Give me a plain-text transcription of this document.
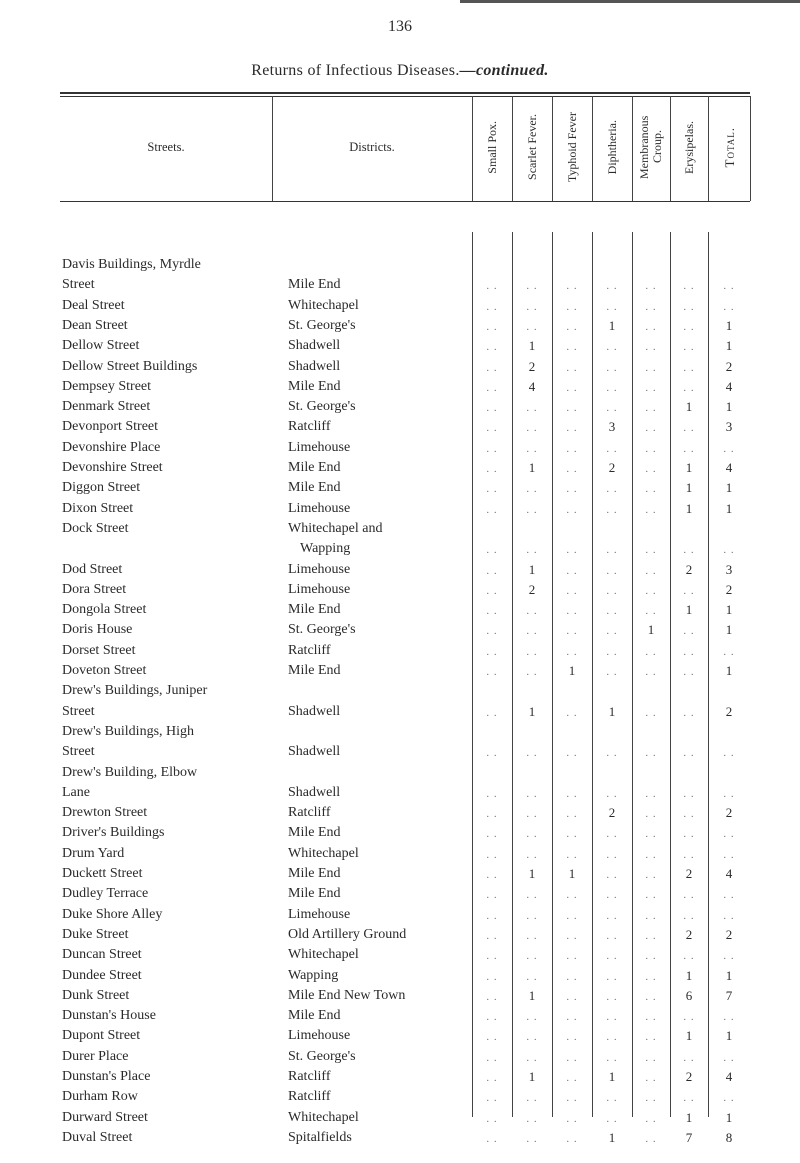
136
Returns of Infectious Diseases.—continued.
Streets.	Districts.	Small Pox. Scarlet Fever. Typhoid Fever Diphtheria. Membranous Croup. Erysipelas. Total.
Davis Buildings, Myrdle
Street	Mile End	. .	. .	. .	. .	. .	. .	. .
Deal Street	Whitechapel	. .	. .	. .	. .	. .	. .	. .
Dean Street	St. George's	. .	. .	. .	1	. .	. .	1
Dellow Street	Shadwell	. .	1	. .	. .	. .	. .	1
Dellow Street Buildings	Shadwell	. .	2	. .	. .	. .	. .	2
Dempsey Street	Mile End	. .	4	. .	. .	. .	. .	4
Denmark Street	St. George's	. .	. .	. .	. .	. .	1	1
Devonport Street	Ratcliff	. .	. .	. .	3	. .	. .	3
Devonshire Place	Limehouse	. .	. .	. .	. .	. .	. .	. .
Devonshire Street	Mile End	. .	1	. .	2	. .	1	4
Diggon Street	Mile End	. .	. .	. .	. .	. .	1	1
Dixon Street	Limehouse	. .	. .	. .	. .	. .	1	1
Dock Street	Whitechapel and
Wapping	. .	. .	. .	. .	. .	. .	. .
Dod Street	Limehouse	. .	1	. .	. .	. .	2	3
Dora Street	Limehouse	. .	2	. .	. .	. .	. .	2
Dongola Street	Mile End	. .	. .	. .	. .	. .	1	1
Doris House	St. George's	. .	. .	. .	. .	1	. .	1
Dorset Street	Ratcliff	. .	. .	. .	. .	. .	. .	. .
Doveton Street	Mile End	. .	. .	1	. .	. .	. .	1
Drew's Buildings, Juniper
Street	Shadwell	. .	1	. .	1	. .	. .	2
Drew's Buildings, High
Street	Shadwell	. .	. .	. .	. .	. .	. .	. .
Drew's Building, Elbow
Lane	Shadwell	. .	. .	. .	. .	. .	. .	. .
Drewton Street	Ratcliff	. .	. .	. .	2	. .	. .	2
Driver's Buildings	Mile End	. .	. .	. .	. .	. .	. .	. .
Drum Yard	Whitechapel	. .	. .	. .	. .	. .	. .	. .
Duckett Street	Mile End	. .	1	1	. .	. .	2	4
Dudley Terrace	Mile End	. .	. .	. .	. .	. .	. .	. .
Duke Shore Alley	Limehouse	. .	. .	. .	. .	. .	. .	. .
Duke Street	Old Artillery Ground	. .	. .	. .	. .	. .	2	2
Duncan Street	Whitechapel	. .	. .	. .	. .	. .	. .	. .
Dundee Street	Wapping	. .	. .	. .	. .	. .	1	1
Dunk Street	Mile End New Town	. .	1	. .	. .	. .	6	7
Dunstan's House	Mile End	. .	. .	. .	. .	. .	. .	. .
Dupont Street	Limehouse	. .	. .	. .	. .	. .	1	1
Durer Place	St. George's	. .	. .	. .	. .	. .	. .	. .
Dunstan's Place	Ratcliff	. .	1	. .	1	. .	2	4
Durham Row	Ratcliff	. .	. .	. .	. .	. .	. .	. .
Durward Street	Whitechapel	. .	. .	. .	. .	. .	1	1
Duval Street	Spitalfields	. .	. .	. .	1	. .	7	8
